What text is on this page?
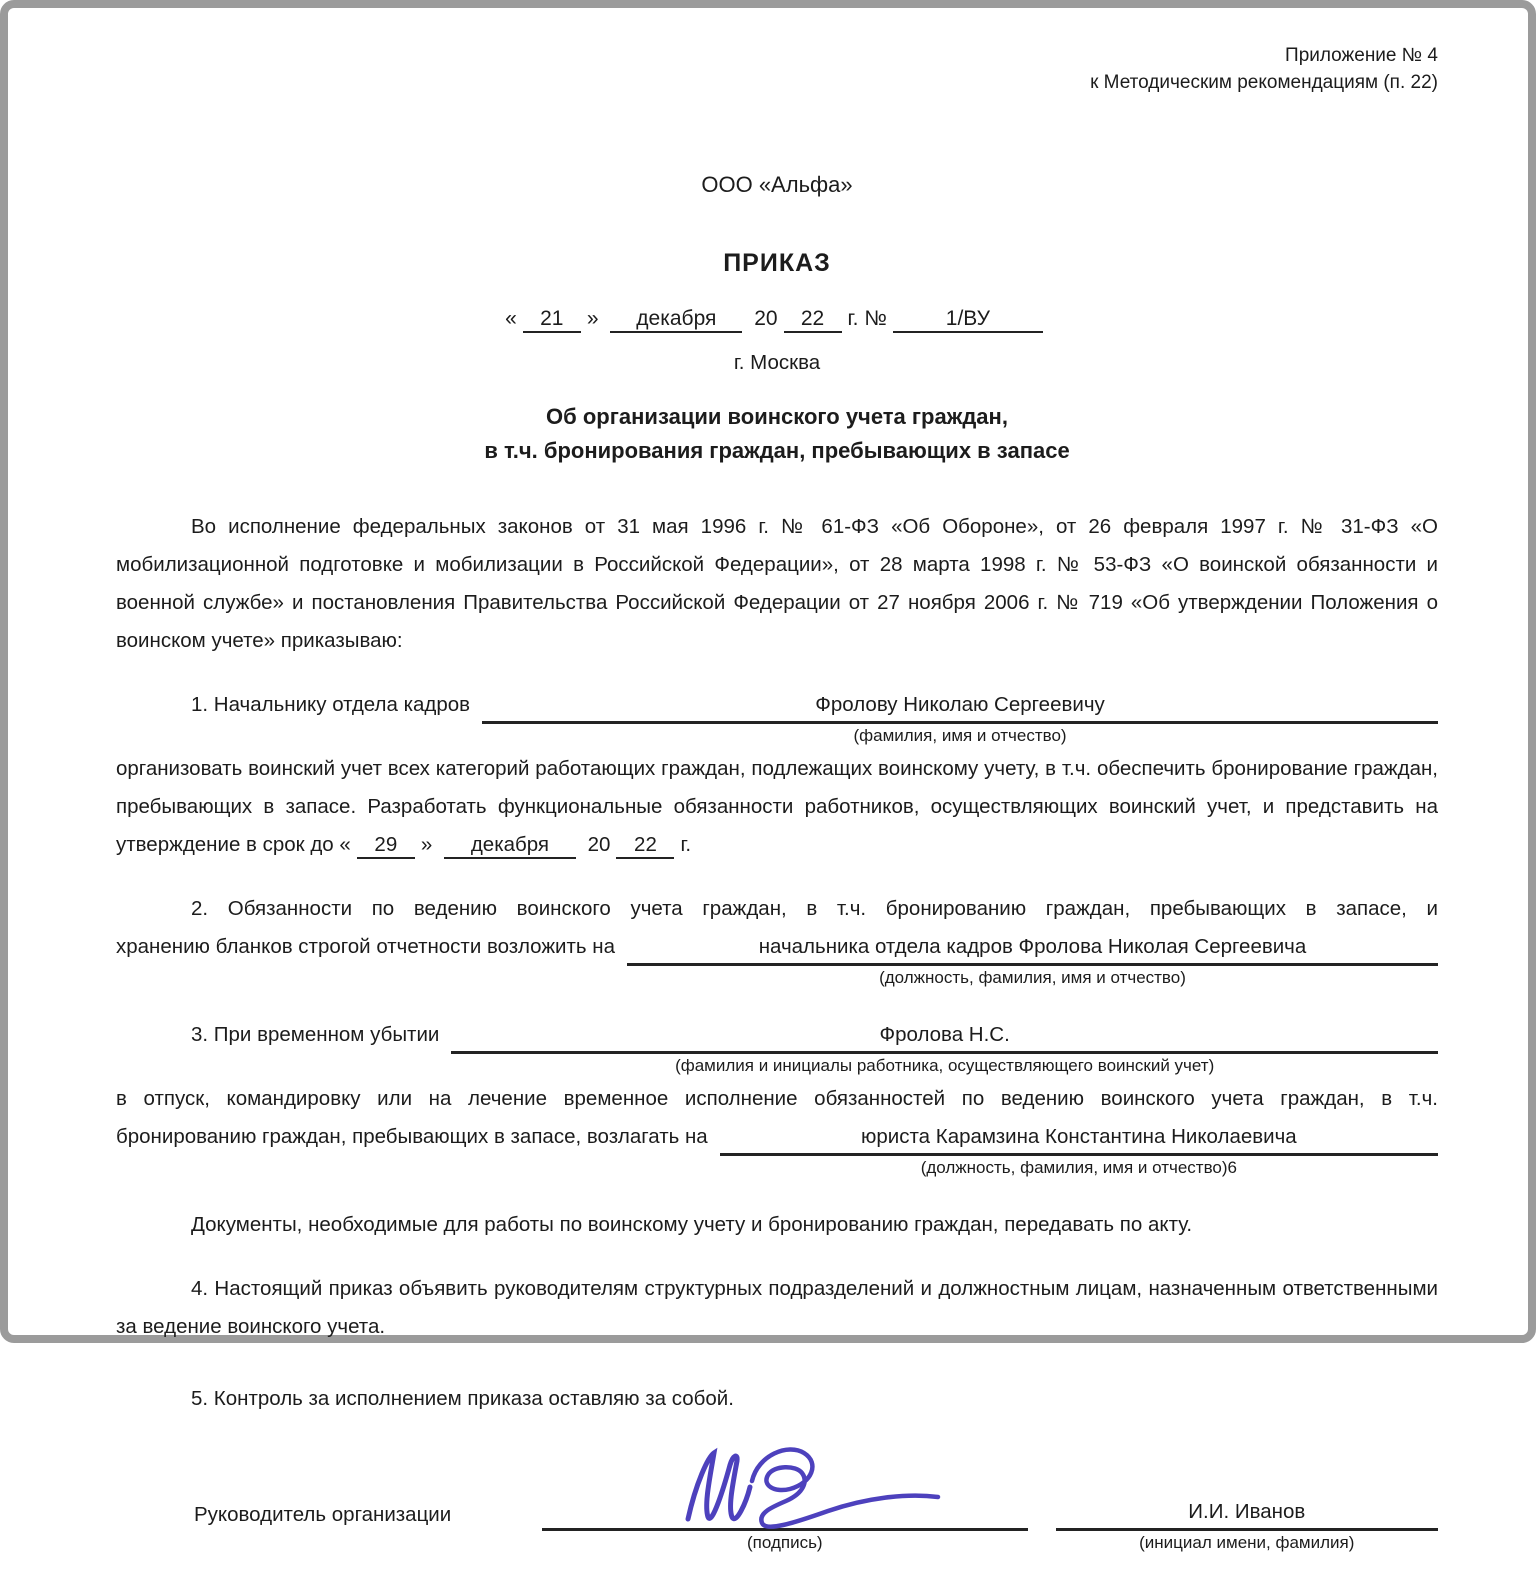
Приложение № 4
к Методическим рекомендациям (п. 22)
ООО «Альфа»
ПРИКАЗ
« 21 » декабря 20 22 г. №	1/ВУ
г. Москва
Об организации воинского учета граждан,
в т.ч. бронирования граждан, пребывающих в запасе

Во исполнение федеральных законов от 31 мая 1996 г. № 61-ФЗ «Об Обороне», от 26 февраля 1997 г. № 31-ФЗ «О мобилизационной подготовке и мобилизации в Российской Федерации», от 28 марта 1998 г. № 53-ФЗ «О воинской обязанности и военной службе» и постановления Правительства Российской Федерации от 27 ноября 2006 г. № 719 «Об утверждении Положения о воинском учете» приказываю:

1. Начальнику отдела кадров	Фролову Николаю Сергеевичу
(фамилия, имя и отчество)

организовать воинский учет всех категорий работающих граждан, подлежащих воинскому учету, в т.ч. обеспечить бронирование граждан, пребывающих в запасе. Разработать функциональные обязанности работников, осуществляющих воинский учет, и представить на утверждение в срок до « 29 » декабря 20 22 г.

2. Обязанности по ведению воинского учета граждан, в т.ч. бронированию граждан, пребывающих в запасе, и

хранению бланков строгой отчетности возложить на	начальника отдела кадров Фролова Николая Сергеевича
(должность, фамилия, имя и отчество)
3. При временном убытии	Фролова Н.С.
(фамилия и инициалы работника, осуществляющего воинский учет)

в отпуск, командировку или на лечение временное исполнение обязанностей по ведению воинского учета граждан, в т.ч.

бронированию граждан, пребывающих в запасе, возлагать на	юриста Карамзина Константина Николаевича
(должность, фамилия, имя и отчество)6

Документы, необходимые для работы по воинскому учету и бронированию граждан, передавать по акту.

4. Настоящий приказ объявить руководителям структурных подразделений и должностным лицам, назначенным ответственными за ведение воинского учета.

5. Контроль за исполнением приказа оставляю за собой.

Руководитель организации
(подпись)
И.И. Иванов
(инициал имени, фамилия)
